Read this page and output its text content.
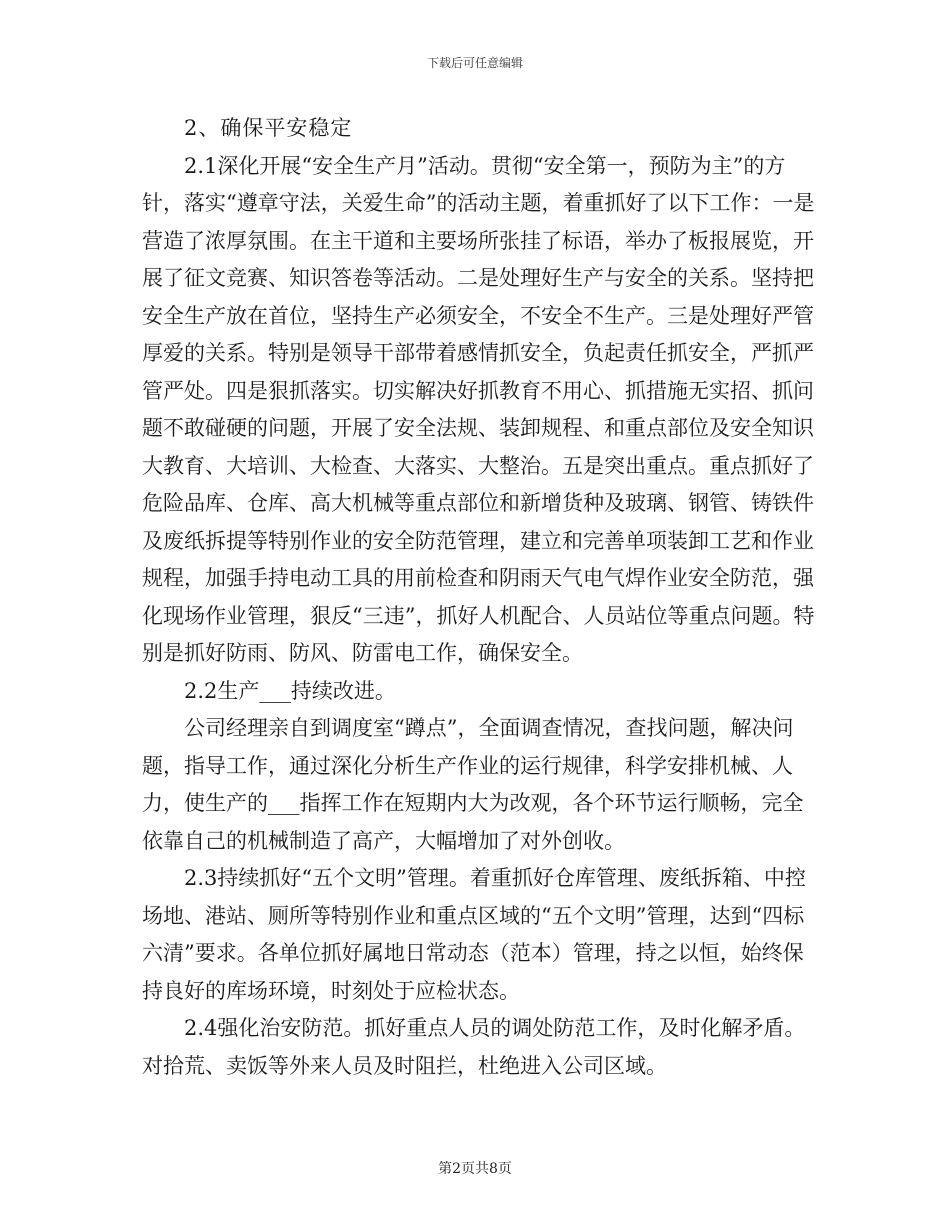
下载后可任意编辑

2、确保平安稳定

2.1深化开展“安全生产月”活动。贯彻“安全第一，预防为主”的方针，落实“遵章守法，关爱生命”的活动主题，着重抓好了以下工作：一是营造了浓厚氛围。在主干道和主要场所张挂了标语，举办了板报展览，开展了征文竞赛、知识答卷等活动。二是处理好生产与安全的关系。坚持把安全生产放在首位，坚持生产必须安全，不安全不生产。三是处理好严管厚爱的关系。特别是领导干部带着感情抓安全，负起责任抓安全，严抓严管严处。四是狠抓落实。切实解决好抓教育不用心、抓措施无实招、抓问题不敢碰硬的问题，开展了安全法规、装卸规程、和重点部位及安全知识大教育、大培训、大检查、大落实、大整治。五是突出重点。重点抓好了危险品库、仓库、高大机械等重点部位和新增货种及玻璃、钢管、铸铁件及废纸拆提等特别作业的安全防范管理，建立和完善单项装卸工艺和作业规程，加强手持电动工具的用前检查和阴雨天气电气焊作业安全防范，强化现场作业管理，狠反“三违”，抓好人机配合、人员站位等重点问题。特别是抓好防雨、防风、防雷电工作，确保安全。

2.2生产___持续改进。

公司经理亲自到调度室“蹲点”，全面调查情况，查找问题，解决问题，指导工作，通过深化分析生产作业的运行规律，科学安排机械、人力，使生产的___指挥工作在短期内大为改观，各个环节运行顺畅，完全依靠自己的机械制造了高产，大幅增加了对外创收。

2.3持续抓好“五个文明”管理。着重抓好仓库管理、废纸拆箱、中控场地、港站、厕所等特别作业和重点区域的“五个文明”管理，达到“四标六清”要求。各单位抓好属地日常动态（范本）管理，持之以恒，始终保持良好的库场环境，时刻处于应检状态。

2.4强化治安防范。抓好重点人员的调处防范工作，及时化解矛盾。对拾荒、卖饭等外来人员及时阻拦，杜绝进入公司区域。

第2页共8页
